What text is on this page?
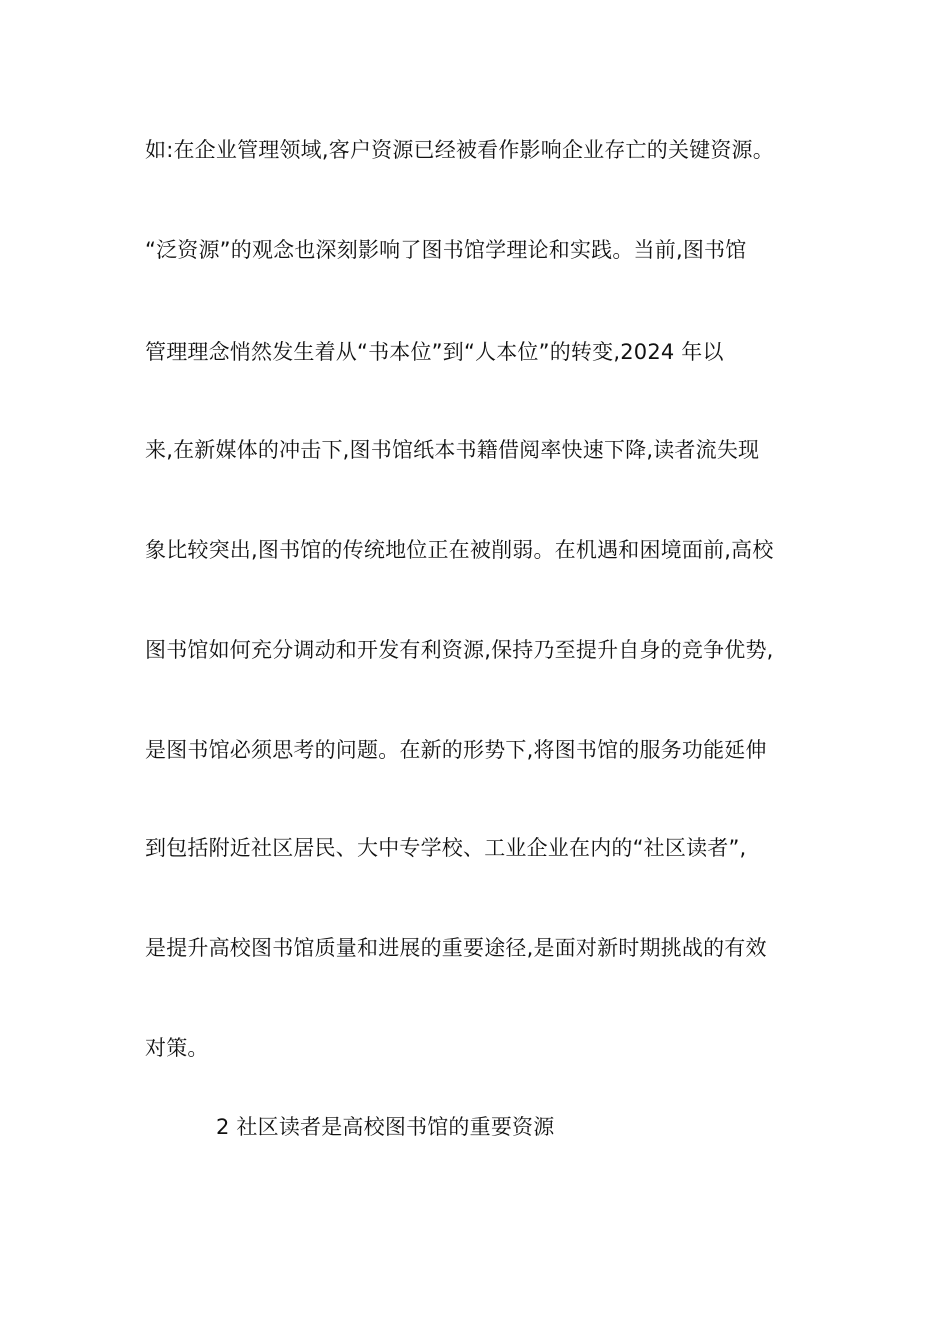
如:在企业管理领域,客户资源已经被看作影响企业存亡的关键资源。
“泛资源”的观念也深刻影响了图书馆学理论和实践。当前,图书馆
管理理念悄然发生着从“书本位”到“人本位”的转变,2024 年以
来,在新媒体的冲击下,图书馆纸本书籍借阅率快速下降,读者流失现
象比较突出,图书馆的传统地位正在被削弱。在机遇和困境面前,高校
图书馆如何充分调动和开发有利资源,保持乃至提升自身的竞争优势,
是图书馆必须思考的问题。在新的形势下,将图书馆的服务功能延伸
到包括附近社区居民、大中专学校、工业企业在内的“社区读者”,
是提升高校图书馆质量和进展的重要途径,是面对新时期挑战的有效
对策。
2 社区读者是高校图书馆的重要资源
